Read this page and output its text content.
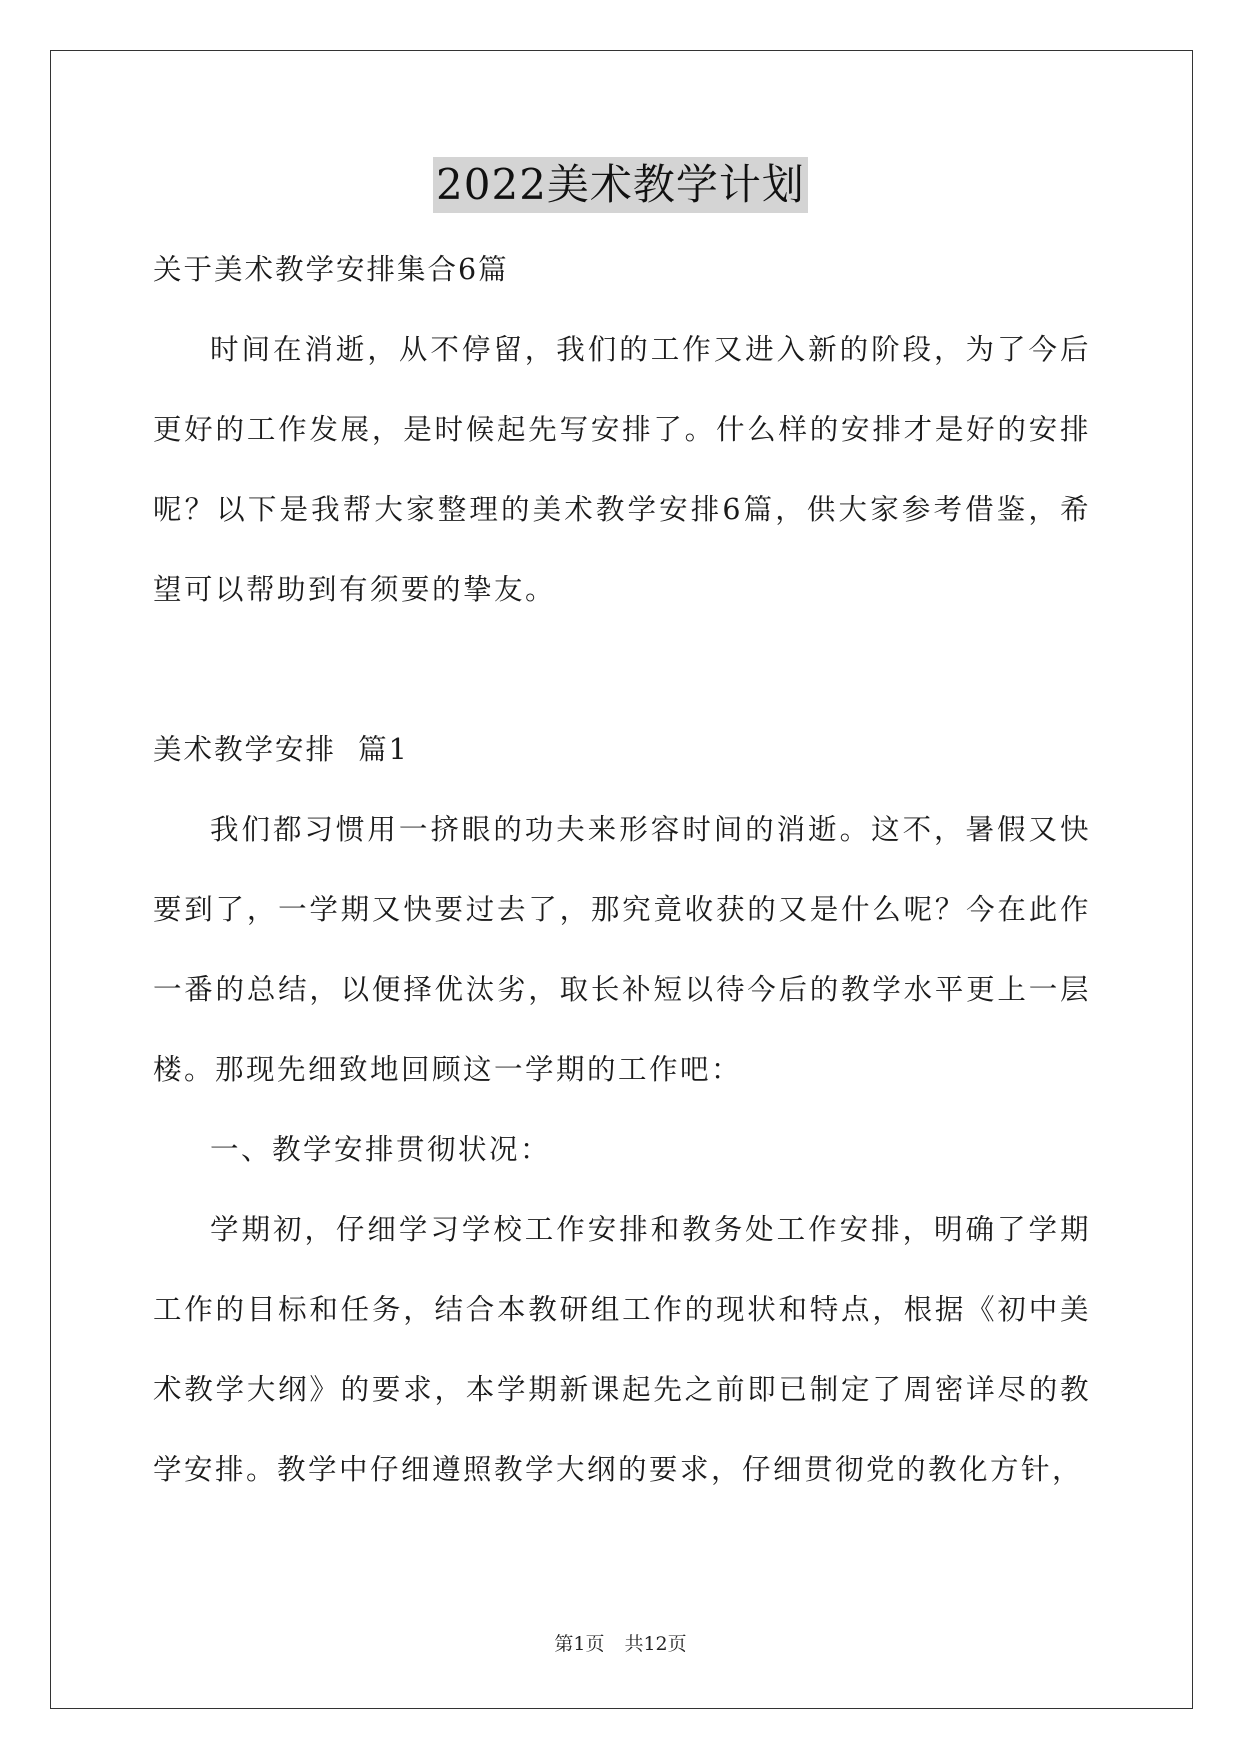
2022美术教学计划

关于美术教学安排集合6篇

时间在消逝，从不停留，我们的工作又进入新的阶段，为了今后更好的工作发展，是时候起先写安排了。什么样的安排才是好的安排呢？以下是我帮大家整理的美术教学安排6篇，供大家参考借鉴，希望可以帮助到有须要的挚友。

美术教学安排  篇1

我们都习惯用一挤眼的功夫来形容时间的消逝。这不，暑假又快要到了，一学期又快要过去了，那究竟收获的又是什么呢？今在此作一番的总结，以便择优汰劣，取长补短以待今后的教学水平更上一层楼。那现先细致地回顾这一学期的工作吧：

一、教学安排贯彻状况：

学期初，仔细学习学校工作安排和教务处工作安排，明确了学期工作的目标和任务，结合本教研组工作的现状和特点，根据《初中美术教学大纲》的要求，本学期新课起先之前即已制定了周密详尽的教学安排。教学中仔细遵照教学大纲的要求，仔细贯彻党的教化方针，

第1页 共12页
